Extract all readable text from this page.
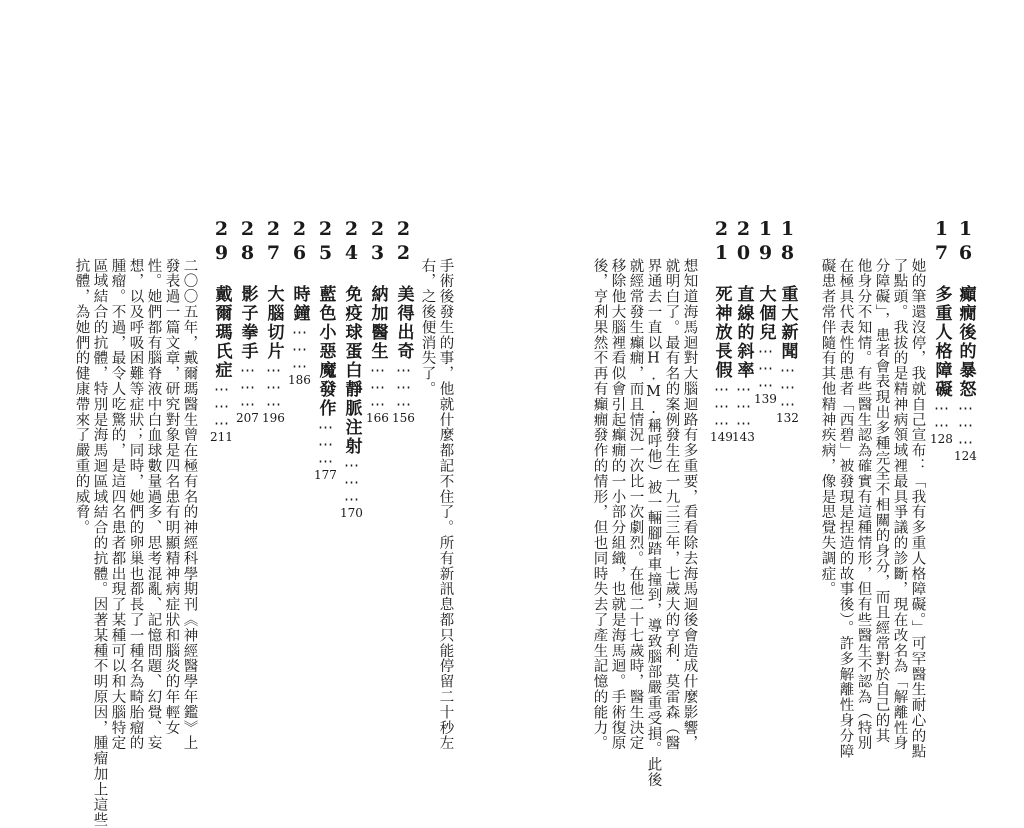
16 癲癇後的暴怒⋯⋯⋯124
17 多重人格障礙⋯⋯128
她的筆還沒停，我就自己宣布：「我有多重人格障礙。」可罕醫生耐心的點
了點頭。我拔的是精神病領域裡最具爭議的診斷，現在改名為「解離性身
分障礙」，患者會表現出多種完全不相關的身分，而且經常對於自己的其
他身分不知情。有些醫生認為確實有這種情形，但有些醫生不認為（特別
在極具代表性的患者「西碧」被發現是捏造的故事後）。許多解離性身分障
礙患者常伴隨有其他精神疾病，像是思覺失調症。
18 重大新聞⋯⋯⋯132
19 大個兒⋯⋯⋯139
20 直線的斜率⋯⋯⋯143
21 死神放長假⋯⋯⋯149
想知道海馬迴對大腦迴路有多重要，看看除去海馬迴後會造成什麼影響，
就明白了。最有名的案例發生在一九三三年，七歲大的亨利．莫雷森（醫
界通去一直以H.M.稱呼他）被一輛腳踏車撞到，導致腦部嚴重受損。此後
就經常發生癲癇，而且情況一次比一次劇烈。在他二十七歲時，醫生決定
移除他大腦裡看似會引起癲癇的一小部分組織，也就是海馬迴。手術復原
後，亨利果然不再有癲癇發作的情形，但也同時失去了產生記憶的能力。
22 美得出奇⋯⋯⋯156
23 納加醫生⋯⋯⋯166
24 免疫球蛋白靜脈注射⋯⋯⋯170
25 藍色小惡魔發作⋯⋯⋯177
26 時鐘⋯⋯⋯186
27 大腦切片⋯⋯⋯196
28 影子拳手⋯⋯⋯207
29 戴爾瑪氏症⋯⋯⋯211	手術後發生的事，他就什麼都記不住了。所有新訊息都只能停留二十秒左
右，之後便消失了。
二〇〇五年，戴爾瑪醫生曾在極有名的神經科學期刊《神經醫學年鑑》上
發表過一篇文章，研究對象是四名患有明顯精神病症狀和腦炎的年輕女
性。她們都有腦脊液中白血球數量過多、思考混亂、記憶問題、幻覺、妄
想，以及呼吸困難等症狀；同時，她們的卵巢也都長了一種名為畸胎瘤的
腫瘤。不過，最令人吃驚的，是這四名患者都出現了某種可以和大腦特定
區域結合的抗體，特別是海馬迴區域結合的抗體。因著某種不明原因，腫瘤加上這些
抗體，為她們的健康帶來了嚴重的威脅。
